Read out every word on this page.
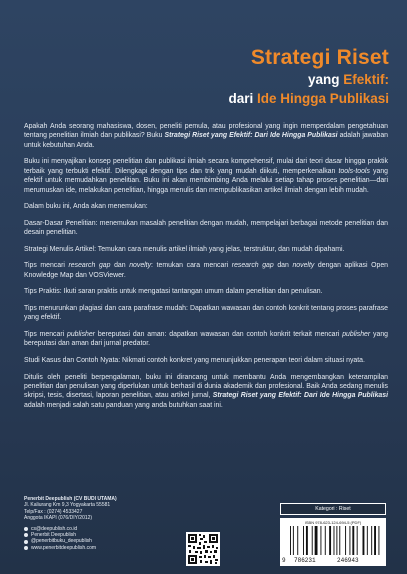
Strategi Riset
yang Efektif:
dari Ide Hingga Publikasi

Apakah Anda seorang mahasiswa, dosen, peneliti pemula, atau profesional yang ingin memperdalam pengetahuan tentang penelitian ilmiah dan publikasi? Buku Strategi Riset yang Efektif: Dari Ide Hingga Publikasi adalah jawaban untuk kebutuhan Anda.

Buku ini menyajikan konsep penelitian dan publikasi ilmiah secara komprehensif, mulai dari teori dasar hingga praktik terbaik yang terbukti efektif. Dilengkapi dengan tips dan trik yang mudah diikuti, memperkenalkan tools-tools yang efektif untuk memudahkan penelitian. Buku ini akan membimbing Anda melalui setiap tahap proses penelitian—dari merumuskan ide, melakukan penelitian, hingga menulis dan mempublikasikan artikel ilmiah dengan lebih mudah.

Dalam buku ini, Anda akan menemukan:

Dasar-Dasar Penelitian: menemukan masalah penelitian dengan mudah, mempelajari berbagai metode penelitian dan desain penelitian.

Strategi Menulis Artikel: Temukan cara menulis artikel ilmiah yang jelas, terstruktur, dan mudah dipahami.

Tips mencari research gap dan novelty: temukan cara mencari research gap dan novelty dengan aplikasi Open Knowledge Map dan VOSViewer.

Tips Praktis: Ikuti saran praktis untuk mengatasi tantangan umum dalam penelitian dan penulisan.

Tips menurunkan plagiasi dan cara parafrase mudah: Dapatkan wawasan dan contoh konkrit tentang proses parafrase yang efektif.

Tips mencari publisher bereputasi dan aman: dapatkan wawasan dan contoh konkrit terkait mencari publisher yang bereputasi dan aman dari jurnal predator.

Studi Kasus dan Contoh Nyata: Nikmati contoh konkret yang menunjukkan penerapan teori dalam situasi nyata.

Ditulis oleh peneliti berpengalaman, buku ini dirancang untuk membantu Anda mengembangkan keterampilan penelitian dan penulisan yang diperlukan untuk berhasil di dunia akademik dan profesional. Baik Anda sedang menulis skripsi, tesis, disertasi, laporan penelitian, atau artikel jurnal, Strategi Riset yang Efektif: Dari Ide Hingga Publikasi adalah menjadi salah satu panduan yang anda butuhkan saat ini.

Penerbit Deepublish (CV BUDI UTAMA)
Jl. Kaliurang Km 9,3 Yogyakarta 55581
Telp/Fax : (0274) 4533427
Anggota IKAPI (076/DIY/2012)
cs@deepublish.co.id
Penerbit Deepublish
@penerbitbuku_deepublish
www.penerbitdeepublish.com
Kategori : Riset
ISBN 978-623-124-694-5 (PDF)
9 786231	246943
